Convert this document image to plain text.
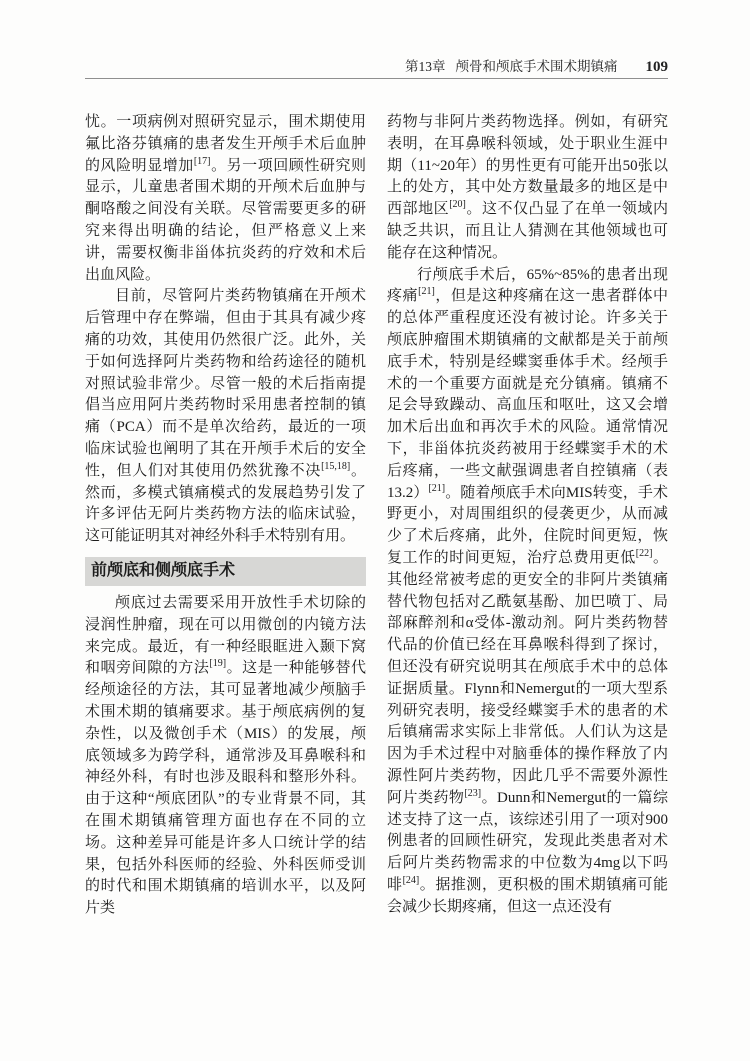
第13章 颅骨和颅底手术围术期镇痛 109

忧。一项病例对照研究显示，围术期使用氟比洛芬镇痛的患者发生开颅手术后血肿的风险明显增加[17]。另一项回顾性研究则显示，儿童患者围术期的开颅术后血肿与酮咯酸之间没有关联。尽管需要更多的研究来得出明确的结论，但严格意义上来讲，需要权衡非甾体抗炎药的疗效和术后出血风险。

目前，尽管阿片类药物镇痛在开颅术后管理中存在弊端，但由于其具有减少疼痛的功效，其使用仍然很广泛。此外，关于如何选择阿片类药物和给药途径的随机对照试验非常少。尽管一般的术后指南提倡当应用阿片类药物时采用患者控制的镇痛（PCA）而不是单次给药，最近的一项临床试验也阐明了其在开颅手术后的安全性，但人们对其使用仍然犹豫不决[15,18]。然而，多模式镇痛模式的发展趋势引发了许多评估无阿片类药物方法的临床试验，这可能证明其对神经外科手术特别有用。

前颅底和侧颅底手术

颅底过去需要采用开放性手术切除的浸润性肿瘤，现在可以用微创的内镜方法来完成。最近，有一种经眼眶进入颞下窝和咽旁间隙的方法[19]。这是一种能够替代经颅途径的方法，其可显著地减少颅脑手术围术期的镇痛要求。基于颅底病例的复杂性，以及微创手术（MIS）的发展，颅底领域多为跨学科，通常涉及耳鼻喉科和神经外科，有时也涉及眼科和整形外科。由于这种“颅底团队”的专业背景不同，其在围术期镇痛管理方面也存在不同的立场。这种差异可能是许多人口统计学的结果，包括外科医师的经验、外科医师受训的时代和围术期镇痛的培训水平，以及阿片类

药物与非阿片类药物选择。例如，有研究表明，在耳鼻喉科领域，处于职业生涯中期（11~20年）的男性更有可能开出50张以上的处方，其中处方数量最多的地区是中西部地区[20]。这不仅凸显了在单一领域内缺乏共识，而且让人猜测在其他领域也可能存在这种情况。

行颅底手术后，65%~85%的患者出现疼痛[21]，但是这种疼痛在这一患者群体中的总体严重程度还没有被讨论。许多关于颅底肿瘤围术期镇痛的文献都是关于前颅底手术，特别是经蝶窦垂体手术。经颅手术的一个重要方面就是充分镇痛。镇痛不足会导致躁动、高血压和呕吐，这又会增加术后出血和再次手术的风险。通常情况下，非甾体抗炎药被用于经蝶窦手术的术后疼痛，一些文献强调患者自控镇痛（表13.2）[21]。随着颅底手术向MIS转变，手术野更小，对周围组织的侵袭更少，从而减少了术后疼痛，此外，住院时间更短，恢复工作的时间更短，治疗总费用更低[22]。其他经常被考虑的更安全的非阿片类镇痛替代物包括对乙酰氨基酚、加巴喷丁、局部麻醉剂和α受体-激动剂。阿片类药物替代品的价值已经在耳鼻喉科得到了探讨，但还没有研究说明其在颅底手术中的总体证据质量。Flynn和Nemergut的一项大型系列研究表明，接受经蝶窦手术的患者的术后镇痛需求实际上非常低。人们认为这是因为手术过程中对脑垂体的操作释放了内源性阿片类药物，因此几乎不需要外源性阿片类药物[23]。Dunn和Nemergut的一篇综述支持了这一点，该综述引用了一项对900例患者的回顾性研究，发现此类患者对术后阿片类药物需求的中位数为4mg以下吗啡[24]。据推测，更积极的围术期镇痛可能会减少长期疼痛，但这一点还没有
